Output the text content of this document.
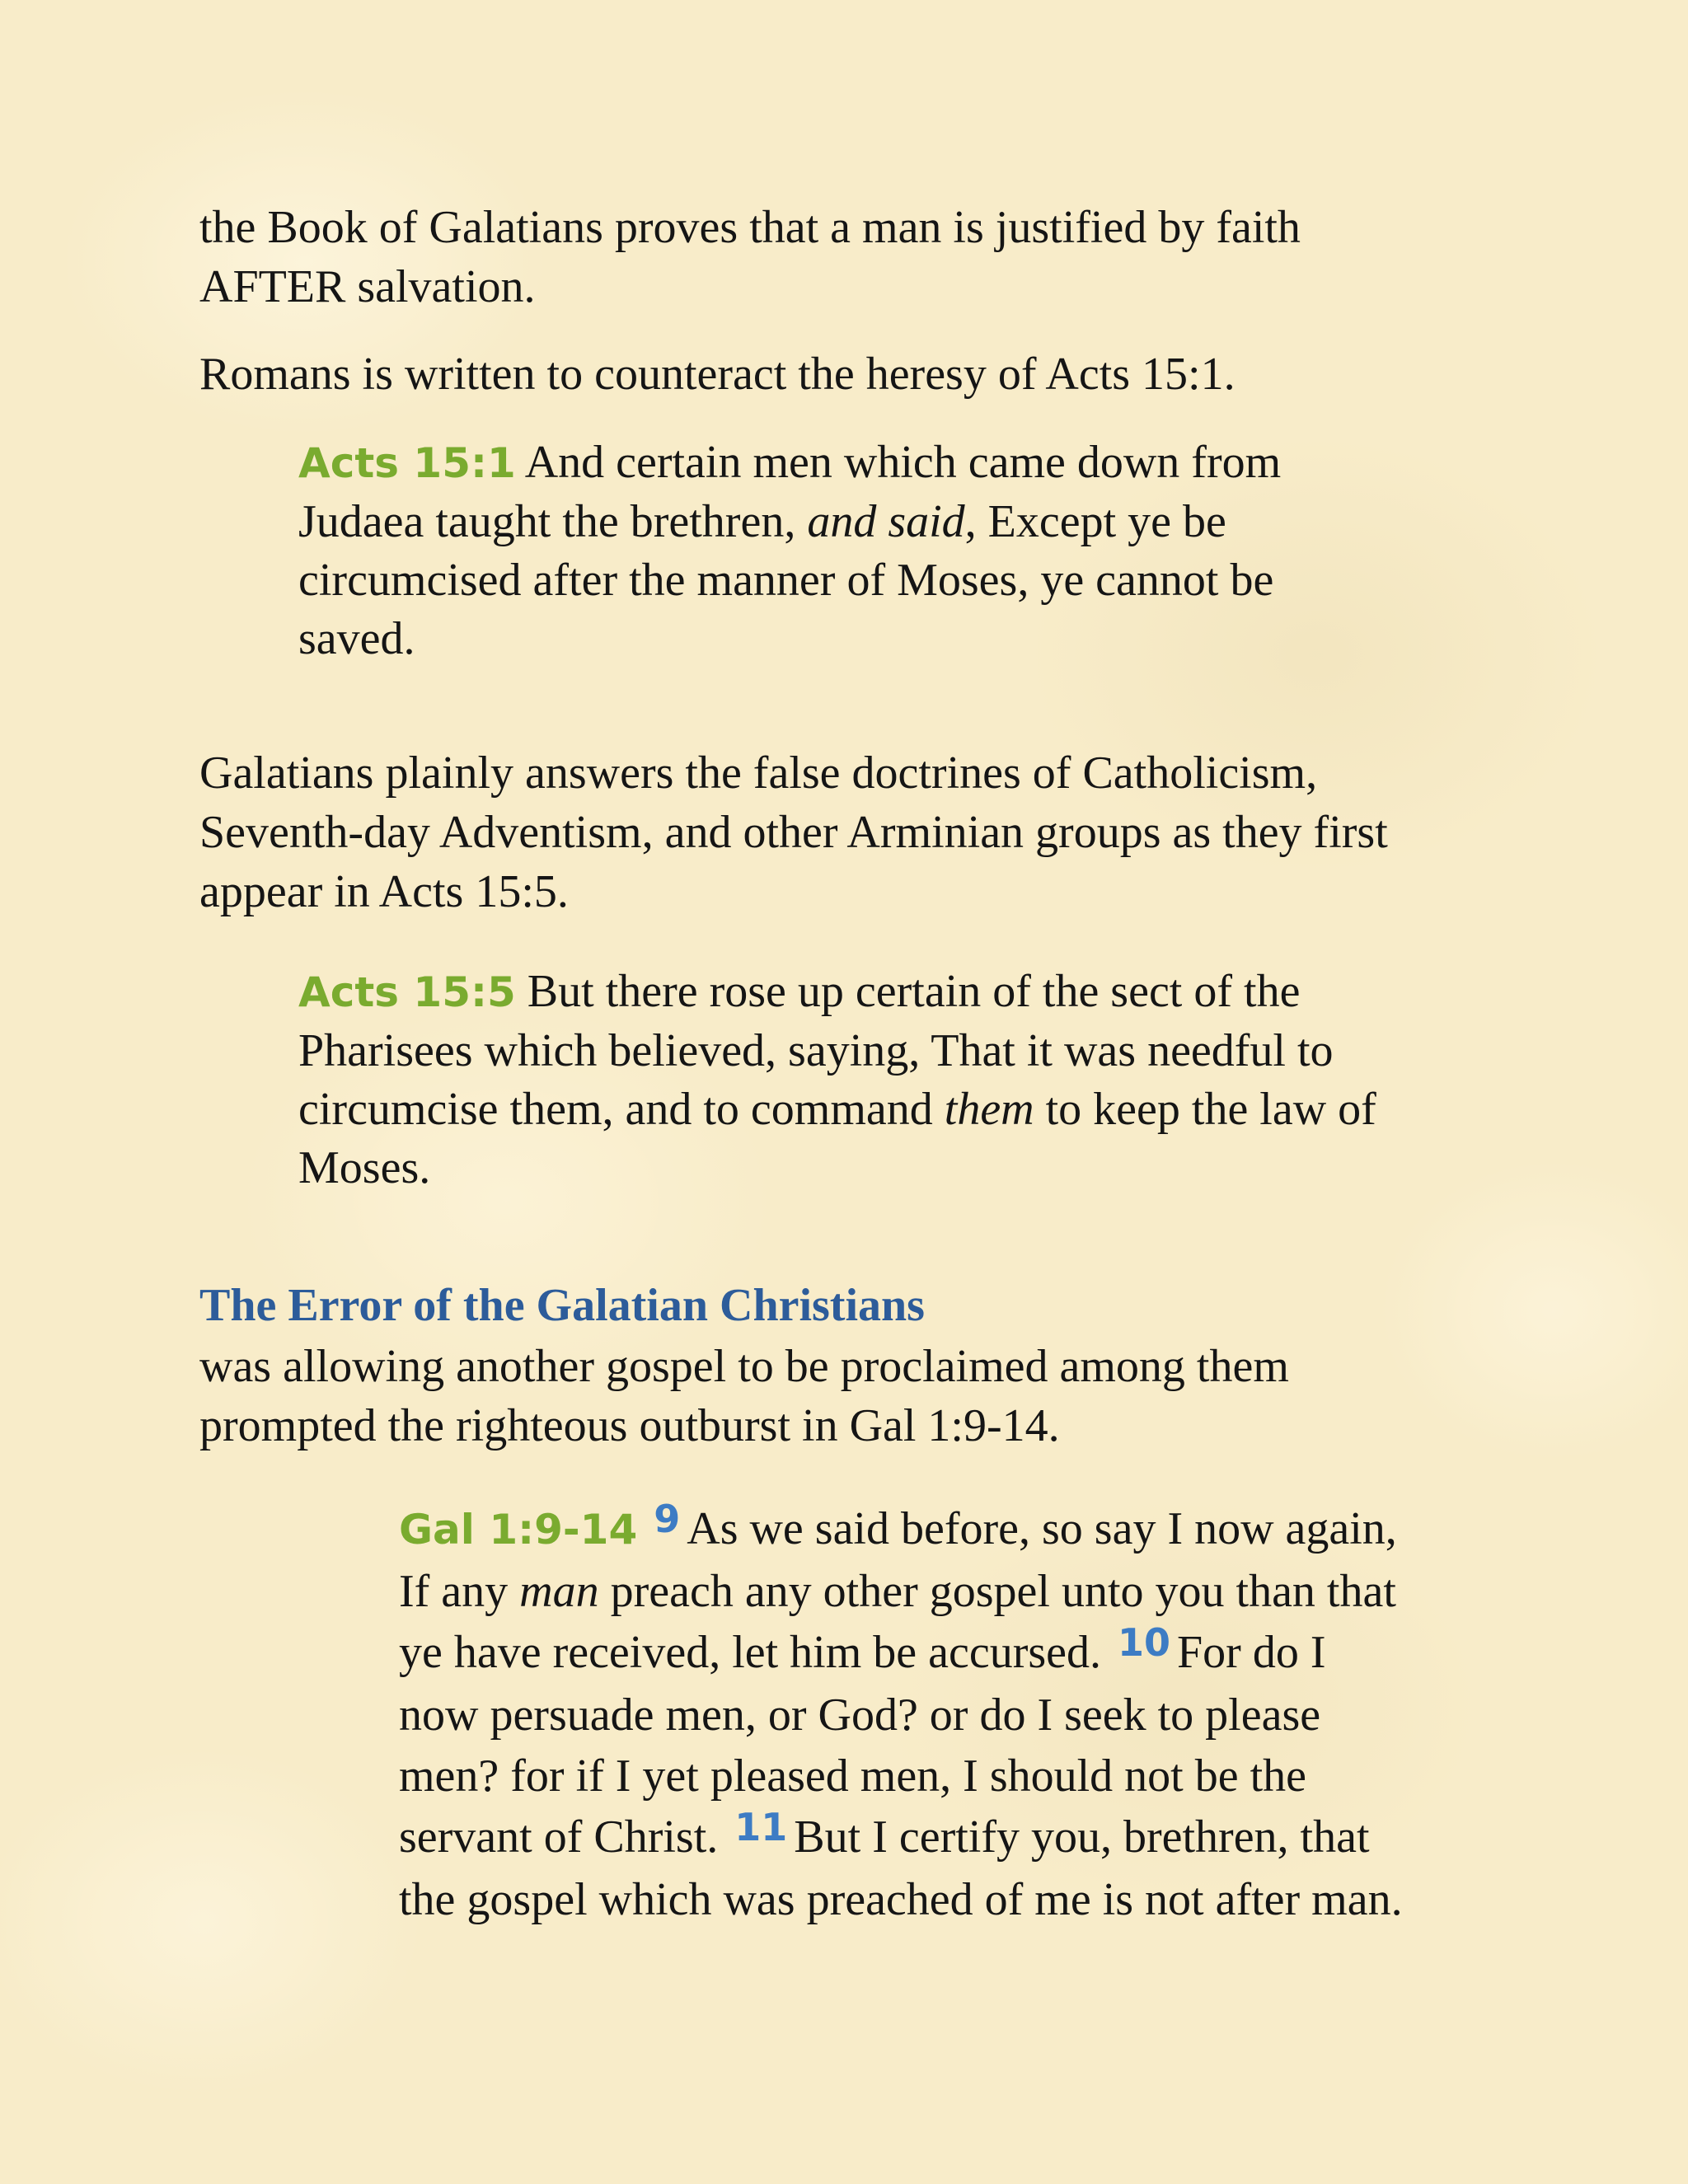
the Book of Galatians proves that a man is justified by faith
AFTER salvation.

Romans is written to counteract the heresy of Acts 15:1.

Acts 15:1 And certain men which came down from
Judaea taught the brethren, and said, Except ye be
circumcised after the manner of Moses, ye cannot be
saved.

Galatians plainly answers the false doctrines of Catholicism,
Seventh-day Adventism, and other Arminian groups as they first
appear in Acts 15:5.

Acts 15:5 But there rose up certain of the sect of the
Pharisees which believed, saying, That it was needful to
circumcise them, and to command them to keep the law of
Moses.
The Error of the Galatian Christians

was allowing another gospel to be proclaimed among them
prompted the righteous outburst in Gal 1:9-14.

Gal 1:9-14 $^9$ As we said before, so say I now again,
If any man preach any other gospel unto you than that
ye have received, let him be accursed. $^{10}$ For do I
now persuade men, or God? or do I seek to please
men? for if I yet pleased men, I should not be the
servant of Christ. $^{11}$ But I certify you, brethren, that
the gospel which was preached of me is not after man.
